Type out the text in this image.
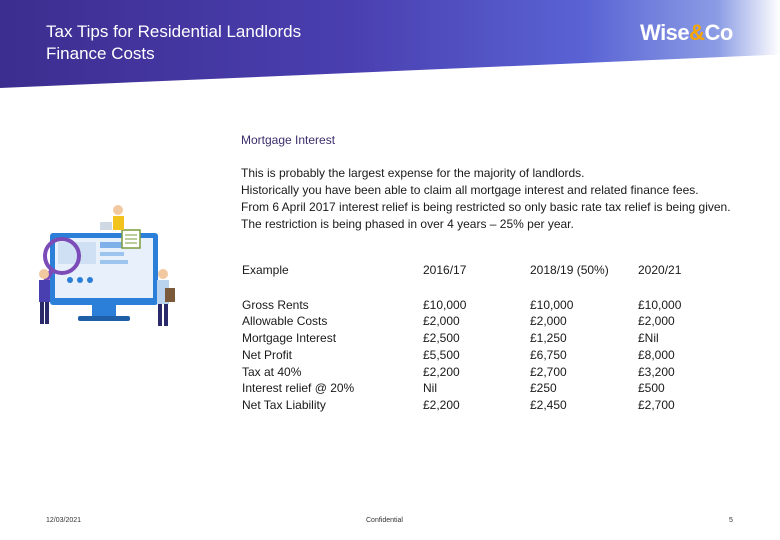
Tax Tips for Residential Landlords
Finance Costs
Wise&Co
Mortgage Interest

This is probably the largest expense for the majority of landlords.

Historically you have been able to claim all mortgage interest and related finance fees.

From 6 April 2017 interest relief is being restricted so only basic rate tax relief is being given.

The restriction is being phased in over 4 years – 25% per year.

Example
Gross Rents
Allowable Costs
Mortgage Interest
Net Profit
Tax at 40%
Interest relief @ 20%
Net Tax Liability
2016/17
£10,000
£2,000
£2,500
£5,500
£2,200
Nil
£2,200
2018/19 (50%)
£10,000
£2,000
£1,250
£6,750
£2,700
£250
£2,450
2020/21
£10,000
£2,000
£Nil
£8,000
£3,200
£500
£2,700
12/03/2021	Confidential	5
